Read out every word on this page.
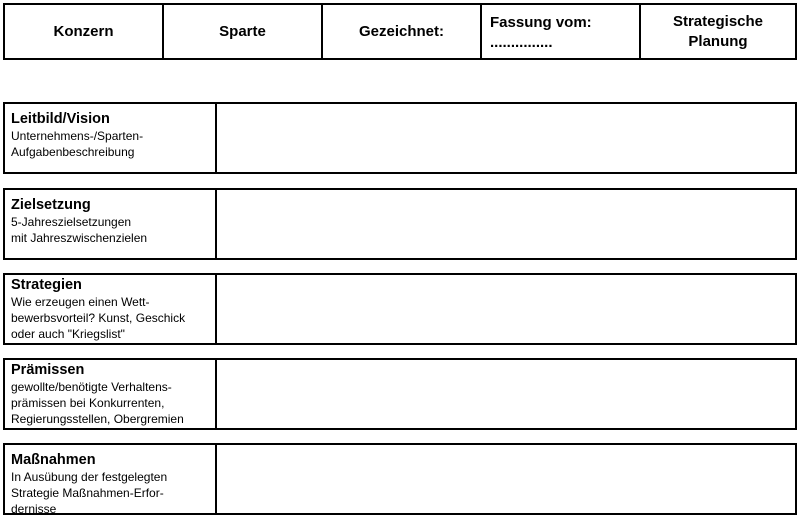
Konzern	Sparte	Gezeichnet:
Fassung vom:
...............
Strategische
Planung
Leitbild/Vision
Unternehmens-/Sparten-
Aufgabenbeschreibung
Zielsetzung
5-Jahreszielsetzungen
mit Jahreszwischenzielen
Strategien
Wie erzeugen einen Wett-
bewerbsvorteil? Kunst, Geschick
oder auch "Kriegslist"
Prämissen
gewollte/benötigte Verhaltens-
prämissen bei Konkurrenten,
Regierungsstellen, Obergremien
Maßnahmen
In Ausübung der festgelegten
Strategie Maßnahmen-Erfor-
dernisse
